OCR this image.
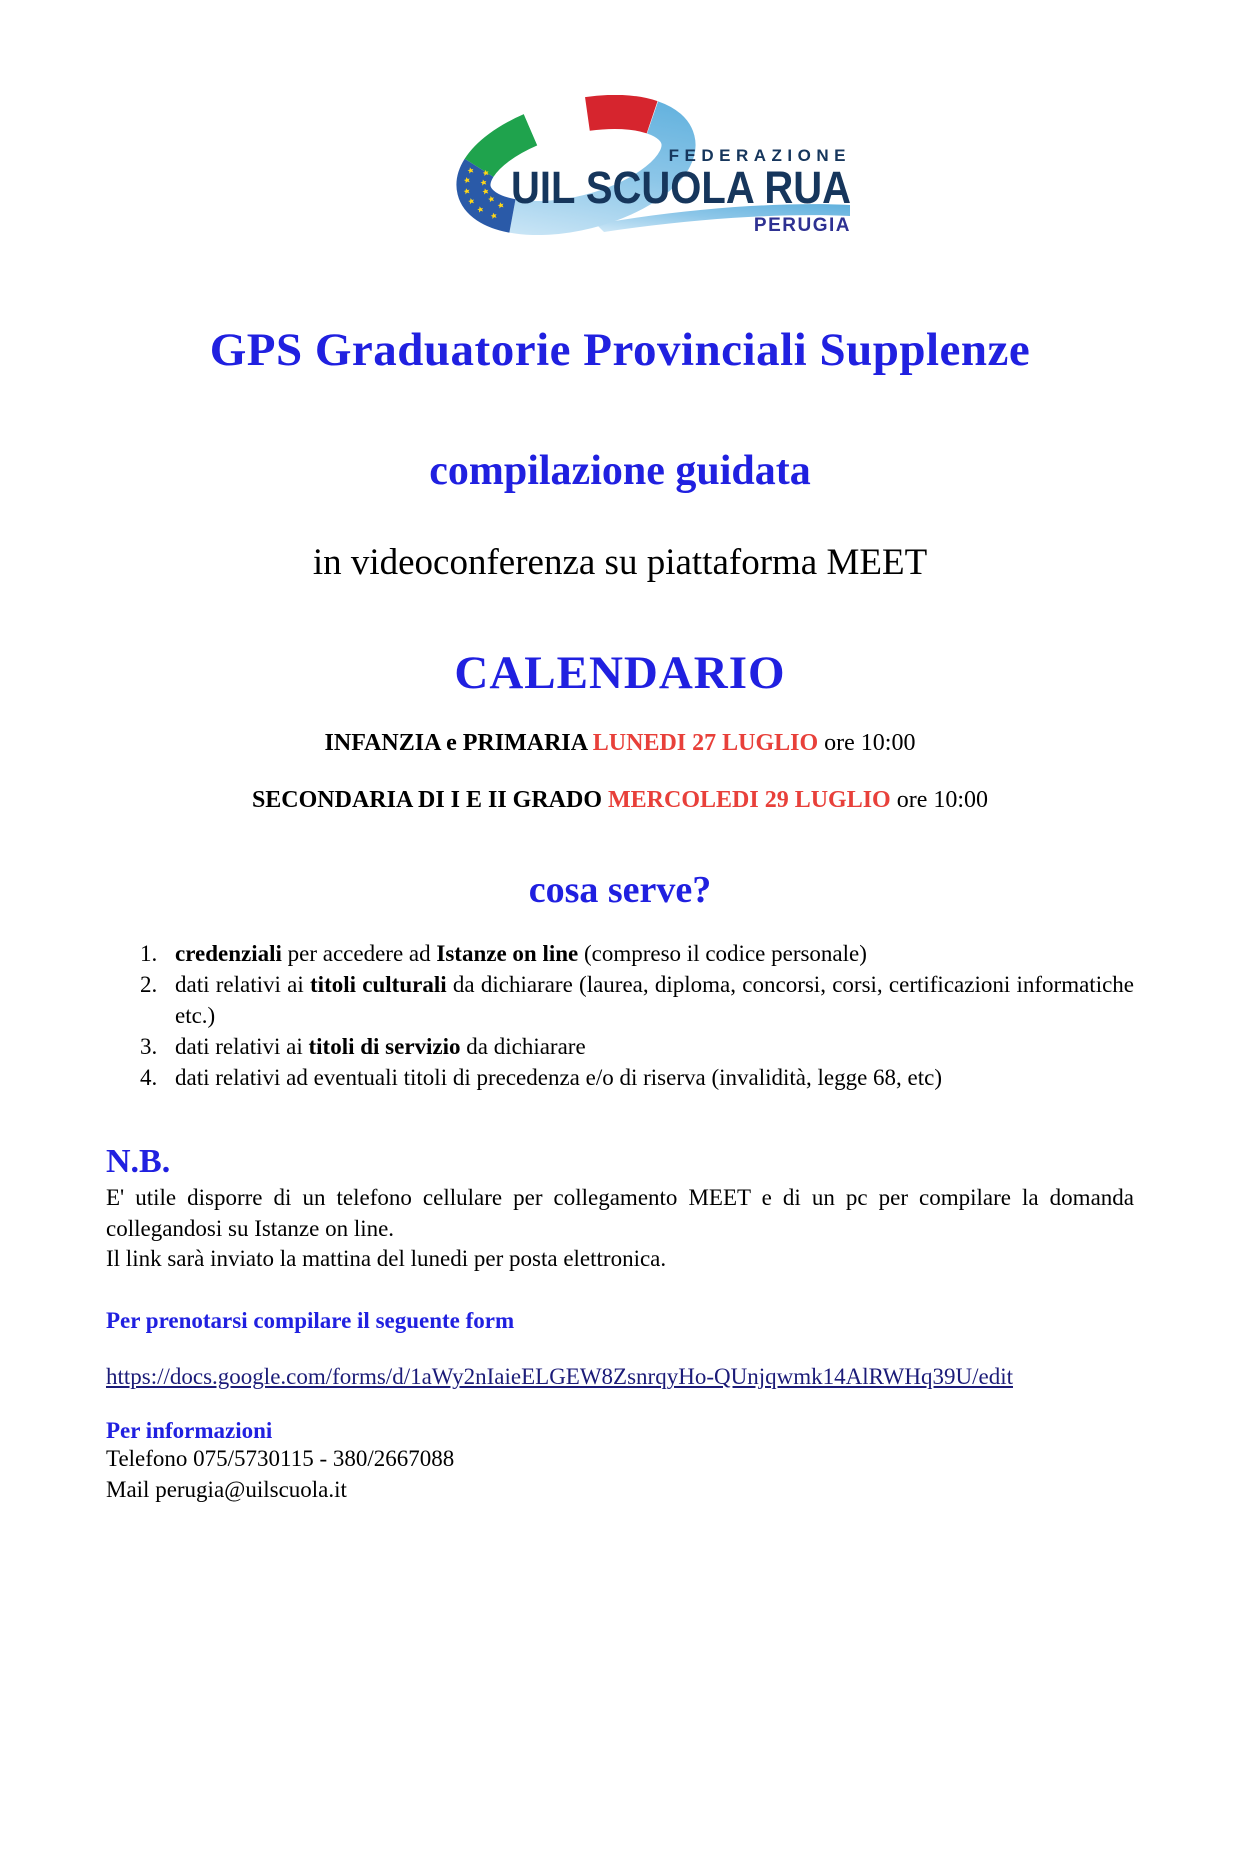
FEDERAZIONE
UIL SCUOLA RUA
PERUGIA
GPS Graduatorie Provinciali Supplenze
compilazione guidata

in videoconferenza su piattaforma MEET

CALENDARIO

INFANZIA e PRIMARIA LUNEDI 27 LUGLIO ore 10:00

SECONDARIA DI I E II GRADO MERCOLEDI 29 LUGLIO ore 10:00

cosa serve?
1. credenziali per accedere ad Istanze on line (compreso il codice personale)
2. dati relativi ai titoli culturali da dichiarare (laurea, diploma, concorsi, corsi, certificazioni informatiche etc.)
3. dati relativi ai titoli di servizio da dichiarare
4. dati relativi ad eventuali titoli di precedenza e/o di riserva (invalidità, legge 68, etc)
N.B.

E' utile disporre di un telefono cellulare per collegamento MEET e di un pc per compilare la domanda collegandosi su Istanze on line.

Il link sarà inviato la mattina del lunedi per posta elettronica.

Per prenotarsi compilare il seguente form

https://docs.google.com/forms/d/1aWy2nIaieELGEW8ZsnrqyHo-QUnjqwmk14AlRWHq39U/edit

Per informazioni

Telefono 075/5730115 - 380/2667088

Mail perugia@uilscuola.it
